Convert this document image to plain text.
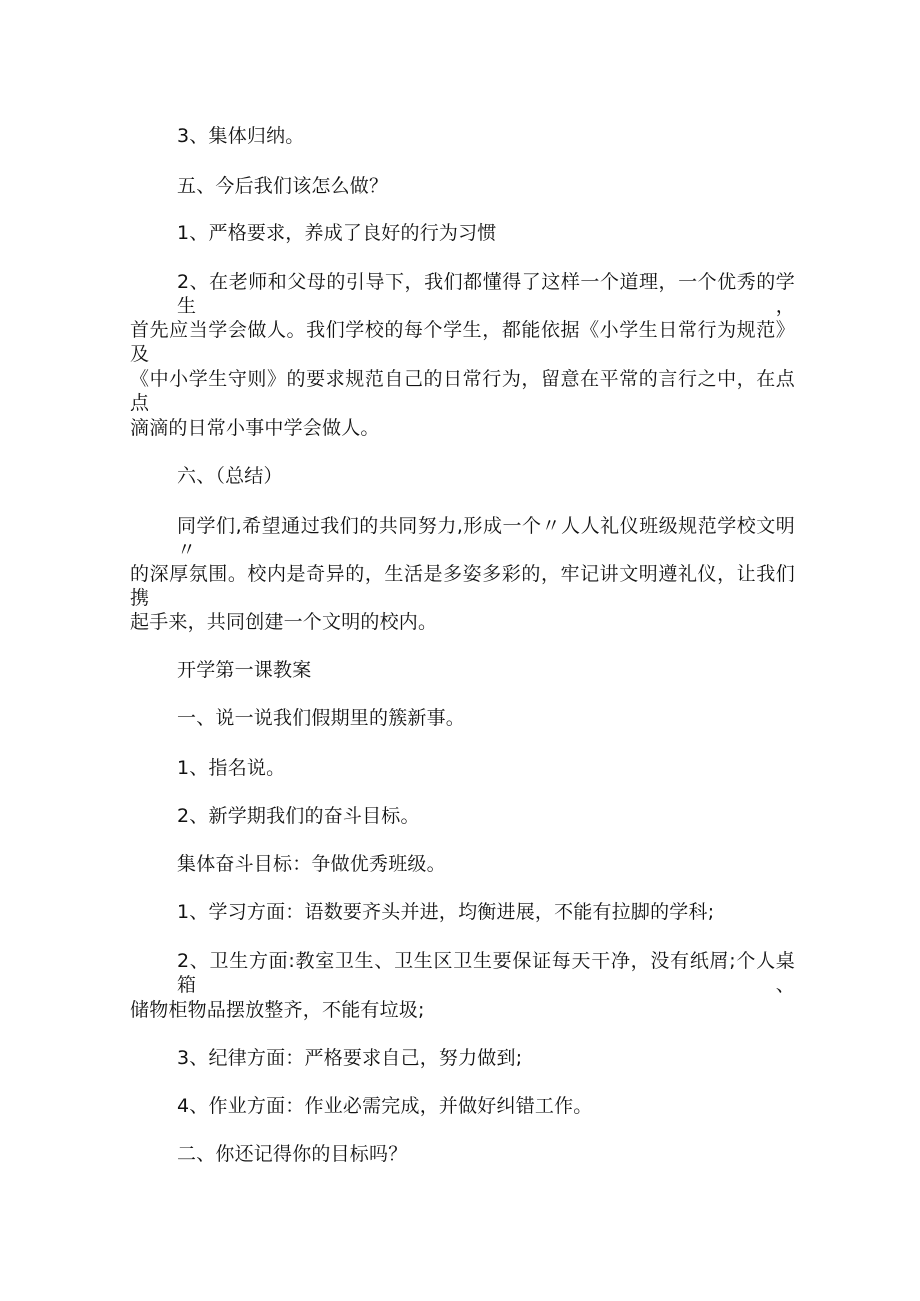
3、集体归纳。
五、今后我们该怎么做？
1、严格要求，养成了良好的行为习惯
2、在老师和父母的引导下，我们都懂得了这样一个道理，一个优秀的学生，
首先应当学会做人。我们学校的每个学生，都能依据《小学生日常行为规范》及
《中小学生守则》的要求规范自己的日常行为，留意在平常的言行之中，在点点
滴滴的日常小事中学会做人。
六、（总结）
同学们,希望通过我们的共同努力,形成一个〃人人礼仪班级规范学校文明〃
的深厚氛围。校内是奇异的，生活是多姿多彩的，牢记讲文明遵礼仪，让我们携
起手来，共同创建一个文明的校内。
开学第一课教案
一、说一说我们假期里的簇新事。
1、指名说。
2、新学期我们的奋斗目标。
集体奋斗目标：争做优秀班级。
1、学习方面：语数要齐头并进，均衡进展，不能有拉脚的学科;
2、卫生方面:教室卫生、卫生区卫生要保证每天干净，没有纸屑;个人桌箱、
储物柜物品摆放整齐，不能有垃圾;
3、纪律方面：严格要求自己，努力做到;
4、作业方面：作业必需完成，并做好纠错工作。
二、你还记得你的目标吗？
